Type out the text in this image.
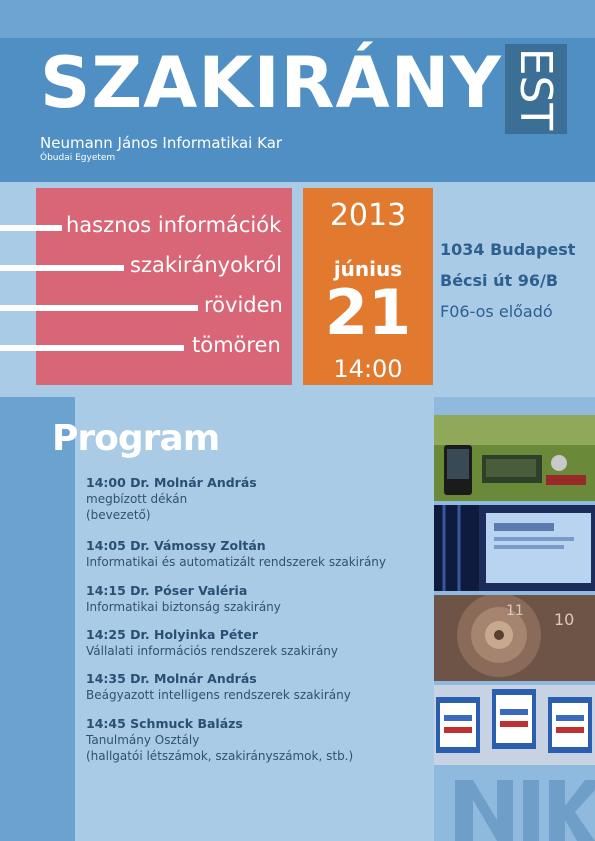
SZAKIRÁNY EST
Neumann János Informatikai Kar
Óbudai Egyetem
hasznos információk
szakirányokról
röviden
tömören
2013
június
21
14:00
1034 Budapest
Bécsi út 96/B
F06-os előadó
Program
14:00 Dr. Molnár András
megbízott dékán
(bevezető)
14:05 Dr. Vámossy Zoltán
Informatikai és automatizált rendszerek szakirány
14:15 Dr. Póser Valéria
Informatikai biztonság szakirány
14:25 Dr. Holyinka Péter
Vállalati információs rendszerek szakirány
14:35 Dr. Molnár András
Beágyazott intelligens rendszerek szakirány
14:45 Schmuck Balázs
Tanulmány Osztály
(hallgatói létszámok, szakirányszámok, stb.)
10
11
